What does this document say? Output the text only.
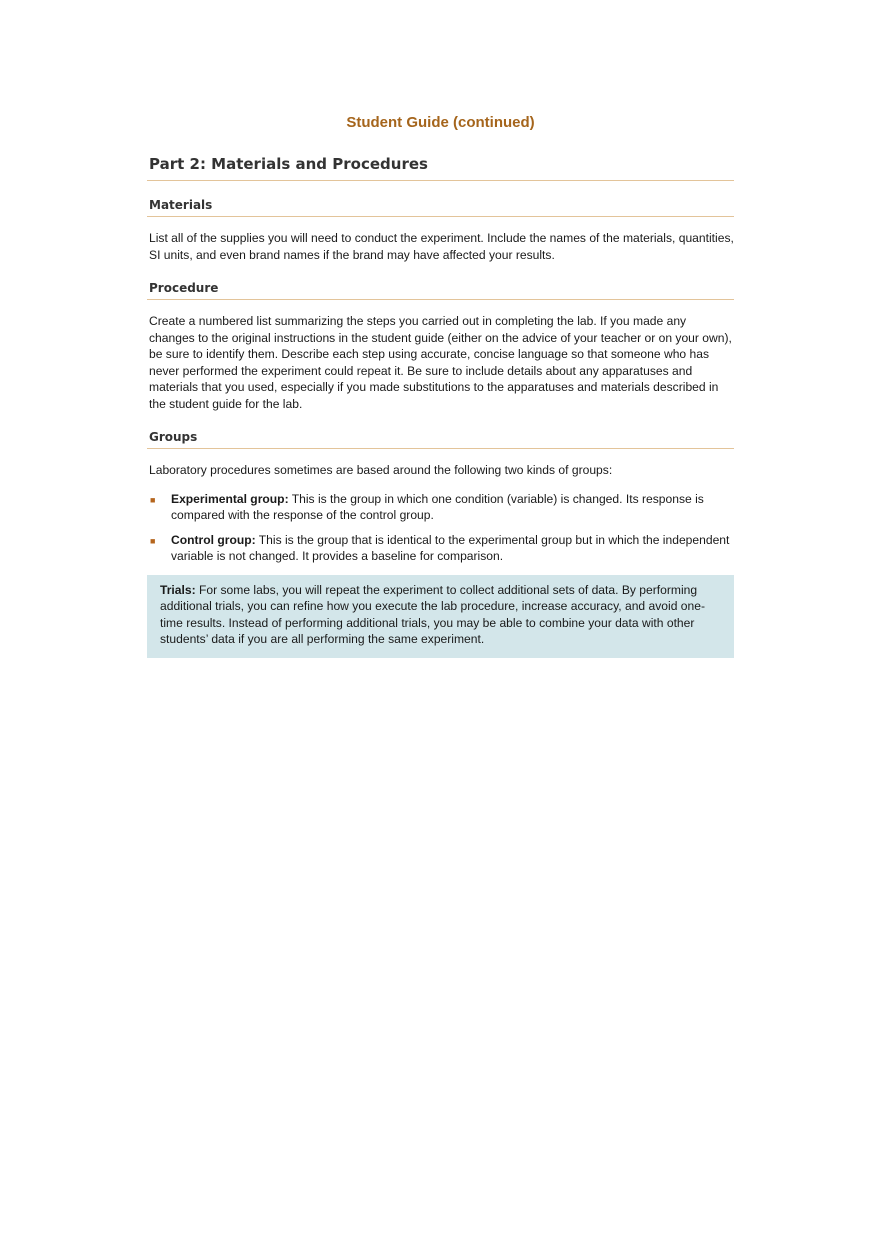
Student Guide (continued)
Part 2: Materials and Procedures
Materials

List all of the supplies you will need to conduct the experiment. Include the names of the materials, quantities, SI units, and even brand names if the brand may have affected your results.

Procedure

Create a numbered list summarizing the steps you carried out in completing the lab. If you made any changes to the original instructions in the student guide (either on the advice of your teacher or on your own), be sure to identify them. Describe each step using accurate, concise language so that someone who has never performed the experiment could repeat it. Be sure to include details about any apparatuses and materials that you used, especially if you made substitutions to the apparatuses and materials described in the student guide for the lab.

Groups

Laboratory procedures sometimes are based around the following two kinds of groups:

■ Experimental group: This is the group in which one condition (variable) is changed. Its response is compared with the response of the control group.
■ Control group: This is the group that is identical to the experimental group but in which the independent variable is not changed. It provides a baseline for comparison.
Trials: For some labs, you will repeat the experiment to collect additional sets of data. By performing additional trials, you can refine how you execute the lab procedure, increase accuracy, and avoid one-time results. Instead of performing additional trials, you may be able to combine your data with other students’ data if you are all performing the same experiment.
